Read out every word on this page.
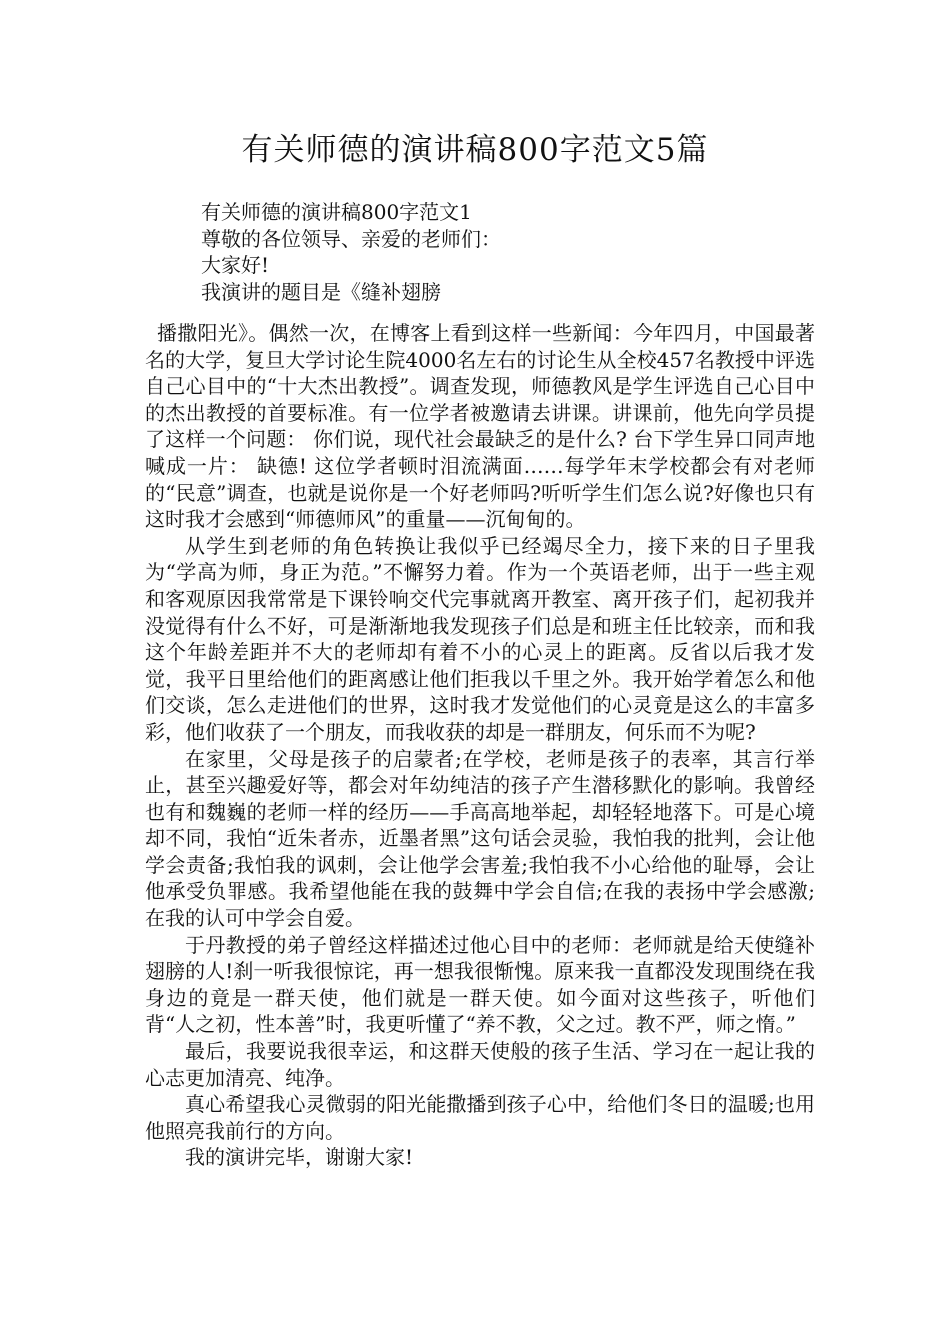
有关师德的演讲稿800字范文5篇

有关师德的演讲稿800字范文1

尊敬的各位领导、亲爱的老师们：

大家好!

我演讲的题目是《缝补翅膀

播撒阳光》。偶然一次，在博客上看到这样一些新闻：今年四月，中国最著名的大学，复旦大学讨论生院4000名左右的讨论生从全校457名教授中评选自己心目中的“十大杰出教授”。调查发现，师德教风是学生评选自己心目中的杰出教授的首要标准。有一位学者被邀请去讲课。讲课前，他先向学员提了这样一个问题： 你们说，现代社会最缺乏的是什么? 台下学生异口同声地喊成一片： 缺德! 这位学者顿时泪流满面……每学年末学校都会有对老师的“民意”调查，也就是说你是一个好老师吗?听听学生们怎么说?好像也只有这时我才会感到“师德师风”的重量——沉甸甸的。

从学生到老师的角色转换让我似乎已经竭尽全力，接下来的日子里我为“学高为师，身正为范。”不懈努力着。作为一个英语老师，出于一些主观和客观原因我常常是下课铃响交代完事就离开教室、离开孩子们，起初我并没觉得有什么不好，可是渐渐地我发现孩子们总是和班主任比较亲，而和我这个年龄差距并不大的老师却有着不小的心灵上的距离。反省以后我才发觉，我平日里给他们的距离感让他们拒我以千里之外。我开始学着怎么和他们交谈，怎么走进他们的世界，这时我才发觉他们的心灵竟是这么的丰富多彩，他们收获了一个朋友，而我收获的却是一群朋友，何乐而不为呢?

在家里，父母是孩子的启蒙者;在学校，老师是孩子的表率，其言行举止，甚至兴趣爱好等，都会对年幼纯洁的孩子产生潜移默化的影响。我曾经也有和魏巍的老师一样的经历——手高高地举起，却轻轻地落下。可是心境却不同，我怕“近朱者赤，近墨者黑”这句话会灵验，我怕我的批判，会让他学会责备;我怕我的讽刺，会让他学会害羞;我怕我不小心给他的耻辱，会让他承受负罪感。我希望他能在我的鼓舞中学会自信;在我的表扬中学会感激;在我的认可中学会自爱。

于丹教授的弟子曾经这样描述过他心目中的老师：老师就是给天使缝补翅膀的人!刹一听我很惊诧，再一想我很惭愧。原来我一直都没发现围绕在我身边的竟是一群天使，他们就是一群天使。如今面对这些孩子，听他们背“人之初，性本善”时，我更听懂了“养不教，父之过。教不严，师之惰。”

最后，我要说我很幸运，和这群天使般的孩子生活、学习在一起让我的心志更加清亮、纯净。

真心希望我心灵微弱的阳光能撒播到孩子心中，给他们冬日的温暖;也用他照亮我前行的方向。

我的演讲完毕，谢谢大家!
